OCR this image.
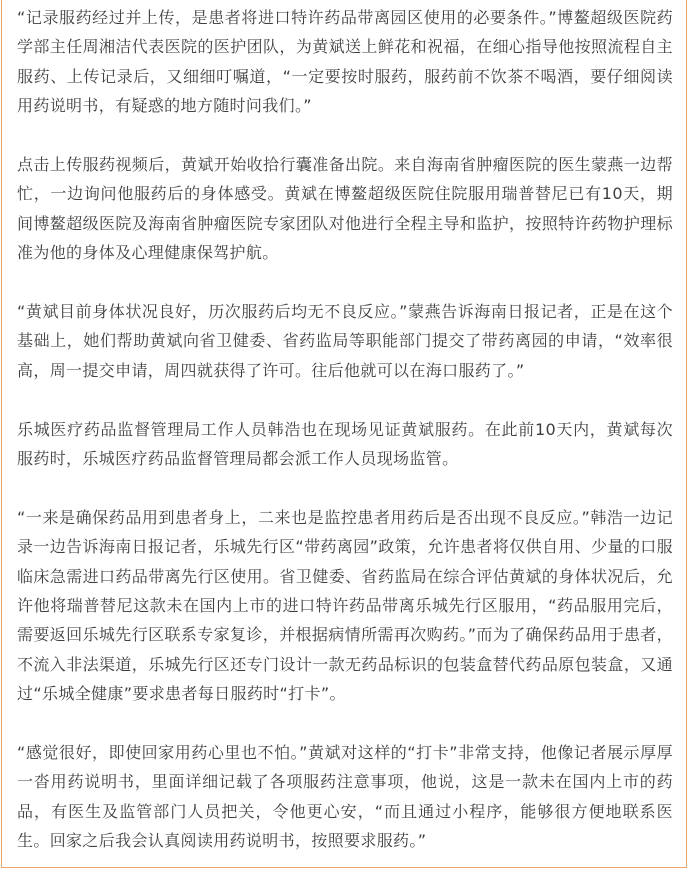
“记录服药经过并上传，是患者将进口特许药品带离园区使用的必要条件。”博鳌超级医院药学部主任周湘洁代表医院的医护团队，为黄斌送上鲜花和祝福，在细心指导他按照流程自主服药、上传记录后，又细细叮嘱道，“一定要按时服药，服药前不饮茶不喝酒，要仔细阅读用药说明书，有疑惑的地方随时问我们。”

点击上传服药视频后，黄斌开始收拾行囊准备出院。来自海南省肿瘤医院的医生蒙燕一边帮忙，一边询问他服药后的身体感受。黄斌在博鳌超级医院住院服用瑞普替尼已有10天，期间博鳌超级医院及海南省肿瘤医院专家团队对他进行全程主导和监护，按照特许药物护理标准为他的身体及心理健康保驾护航。

“黄斌目前身体状况良好，历次服药后均无不良反应。”蒙燕告诉海南日报记者，正是在这个基础上，她们帮助黄斌向省卫健委、省药监局等职能部门提交了带药离园的申请，“效率很高，周一提交申请，周四就获得了许可。往后他就可以在海口服药了。”

乐城医疗药品监督管理局工作人员韩浩也在现场见证黄斌服药。在此前10天内，黄斌每次服药时，乐城医疗药品监督管理局都会派工作人员现场监管。

“一来是确保药品用到患者身上，二来也是监控患者用药后是否出现不良反应。”韩浩一边记录一边告诉海南日报记者，乐城先行区“带药离园”政策，允许患者将仅供自用、少量的口服临床急需进口药品带离先行区使用。省卫健委、省药监局在综合评估黄斌的身体状况后，允许他将瑞普替尼这款未在国内上市的进口特许药品带离乐城先行区服用，“药品服用完后，需要返回乐城先行区联系专家复诊，并根据病情所需再次购药。”而为了确保药品用于患者，不流入非法渠道，乐城先行区还专门设计一款无药品标识的包装盒替代药品原包装盒，又通过“乐城全健康”要求患者每日服药时“打卡”。

“感觉很好，即使回家用药心里也不怕。”黄斌对这样的“打卡”非常支持，他像记者展示厚厚一沓用药说明书，里面详细记载了各项服药注意事项，他说，这是一款未在国内上市的药品，有医生及监管部门人员把关，令他更心安，“而且通过小程序，能够很方便地联系医生。回家之后我会认真阅读用药说明书，按照要求服药。”
